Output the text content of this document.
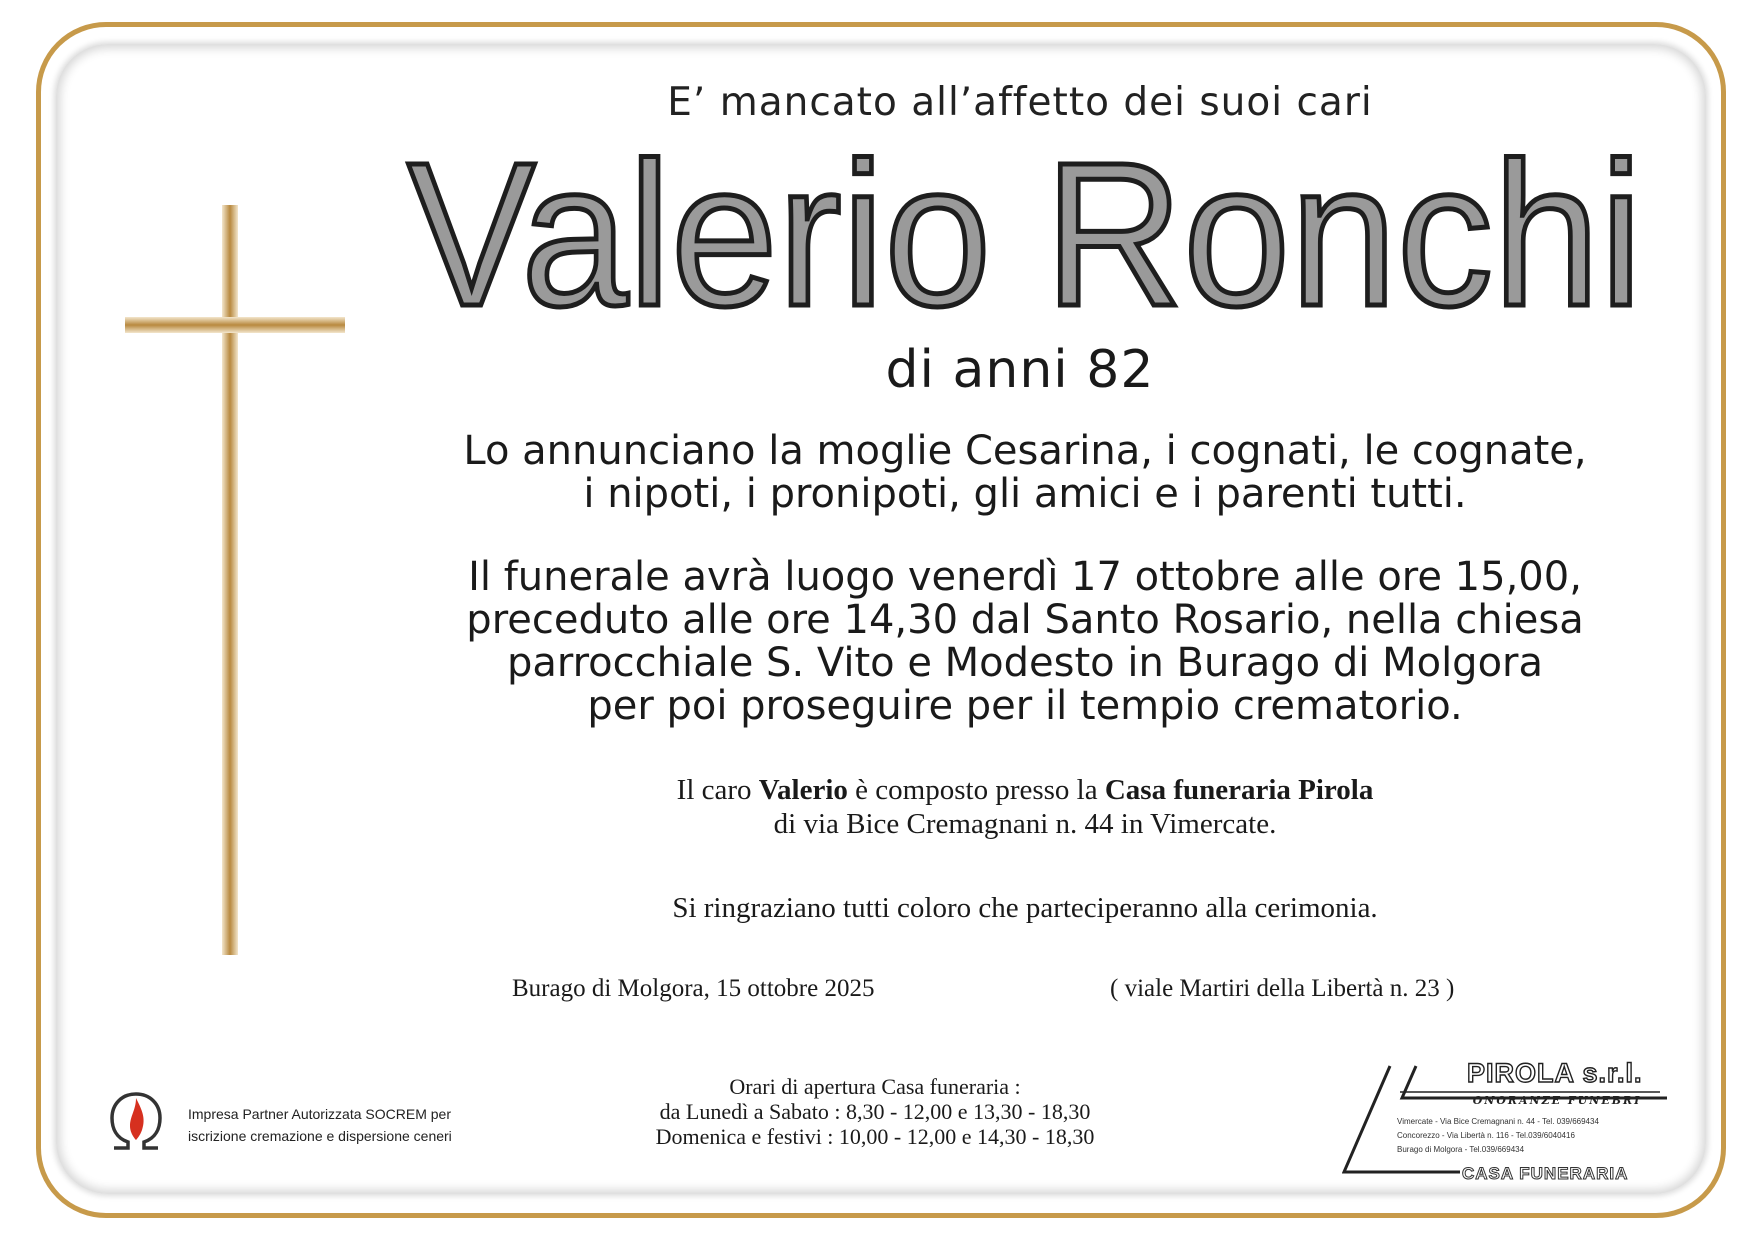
E’ mancato all’affetto dei suoi cari
Valerio Ronchi
di anni 82
Lo annunciano la moglie Cesarina, i cognati, le cognate,
i nipoti, i pronipoti, gli amici e i parenti tutti.
Il funerale avrà luogo venerdì 17 ottobre alle ore 15,00,
preceduto alle ore 14,30 dal Santo Rosario, nella chiesa
parrocchiale S. Vito e Modesto in Burago di Molgora
per poi proseguire per il tempio crematorio.
Il caro Valerio è composto presso la Casa funeraria Pirola
di via Bice Cremagnani n. 44 in Vimercate.
Si ringraziano tutti coloro che parteciperanno alla cerimonia.
Burago di Molgora, 15 ottobre 2025	( viale Martiri della Libertà n. 23 )
Orari di apertura Casa funeraria :
da Lunedì a Sabato : 8,30 - 12,00 e 13,30 - 18,30
Domenica e festivi : 10,00 - 12,00 e 14,30 - 18,30
Impresa Partner Autorizzata SOCREM per
iscrizione cremazione e dispersione ceneri
PIROLA s.r.l.
ONORANZE FUNEBRI
Vimercate - Via Bice Cremagnani n. 44 - Tel. 039/669434
Concorezzo - Via Libertà n. 116 - Tel.039/6040416
Burago di Molgora - Tel.039/669434
CASA FUNERARIA
